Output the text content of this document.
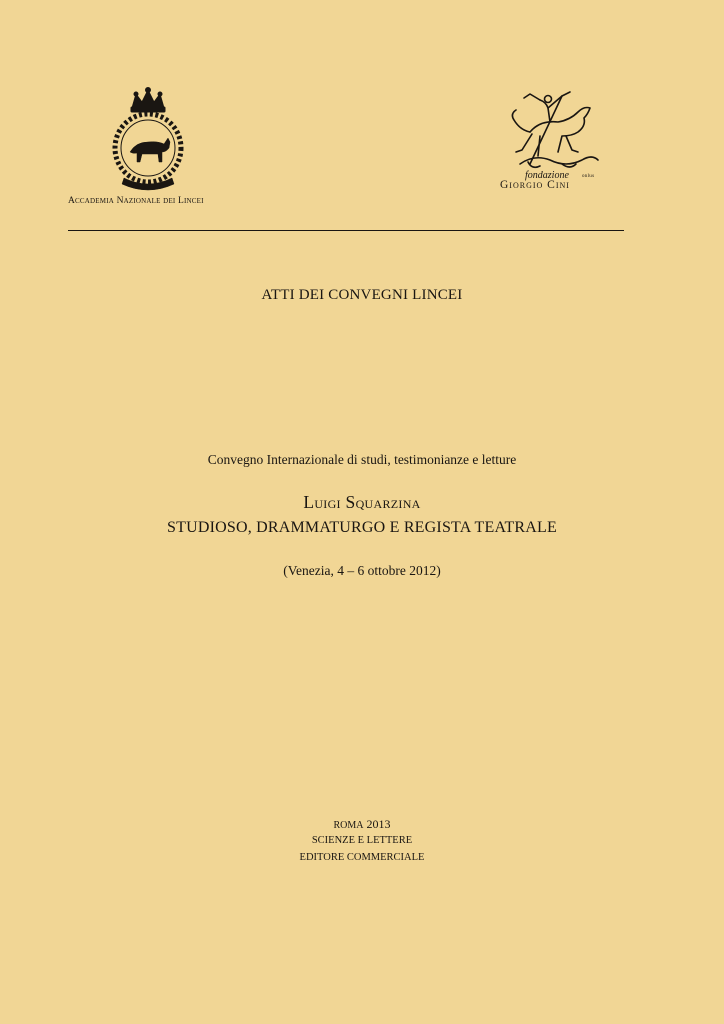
Accademia Nazionale dei Lincei
fondazione	onlus
Giorgio Cini
ATTI DEI CONVEGNI LINCEI
Convegno Internazionale di studi, testimonianze e letture
Luigi Squarzina
STUDIOSO, DRAMMATURGO E REGISTA TEATRALE
(Venezia, 4 – 6 ottobre 2012)
ROMA 2013
SCIENZE E LETTERE
EDITORE COMMERCIALE
